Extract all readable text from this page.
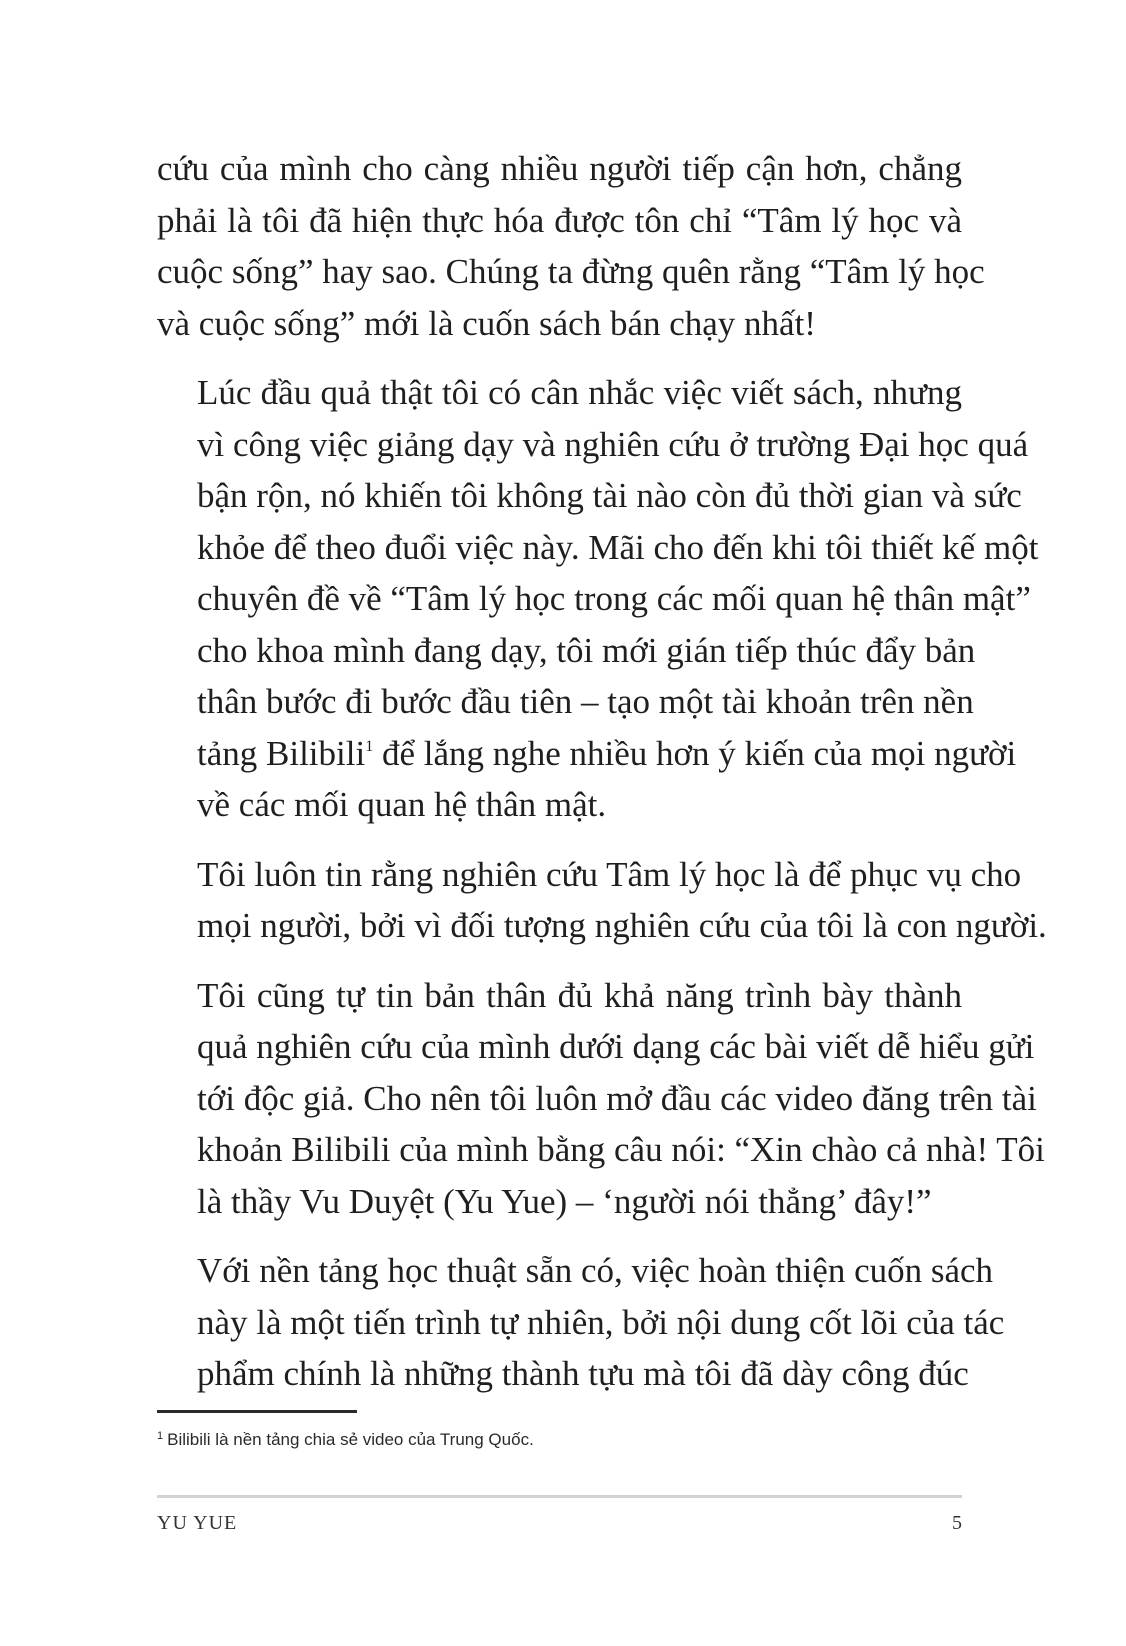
cứu của mình cho càng nhiều người tiếp cận hơn, chẳng
phải là tôi đã hiện thực hóa được tôn chỉ “Tâm lý học và
cuộc sống” hay sao. Chúng ta đừng quên rằng “Tâm lý học
và cuộc sống” mới là cuốn sách bán chạy nhất!

Lúc đầu quả thật tôi có cân nhắc việc viết sách, nhưng
vì công việc giảng dạy và nghiên cứu ở trường Đại học quá
bận rộn, nó khiến tôi không tài nào còn đủ thời gian và sức
khỏe để theo đuổi việc này. Mãi cho đến khi tôi thiết kế một
chuyên đề về “Tâm lý học trong các mối quan hệ thân mật”
cho khoa mình đang dạy, tôi mới gián tiếp thúc đẩy bản
thân bước đi bước đầu tiên – tạo một tài khoản trên nền
tảng Bilibili$^1$ để lắng nghe nhiều hơn ý kiến của mọi người
về các mối quan hệ thân mật.

Tôi luôn tin rằng nghiên cứu Tâm lý học là để phục vụ cho
mọi người, bởi vì đối tượng nghiên cứu của tôi là con người.

Tôi cũng tự tin bản thân đủ khả năng trình bày thành
quả nghiên cứu của mình dưới dạng các bài viết dễ hiểu gửi
tới độc giả. Cho nên tôi luôn mở đầu các video đăng trên tài
khoản Bilibili của mình bằng câu nói: “Xin chào cả nhà! Tôi
là thầy Vu Duyệt (Yu Yue) – ‘người nói thẳng’ đây!”

Với nền tảng học thuật sẵn có, việc hoàn thiện cuốn sách
này là một tiến trình tự nhiên, bởi nội dung cốt lõi của tác
phẩm chính là những thành tựu mà tôi đã dày công đúc

$^1$ Bilibili là nền tảng chia sẻ video của Trung Quốc.
YU YUE	5
